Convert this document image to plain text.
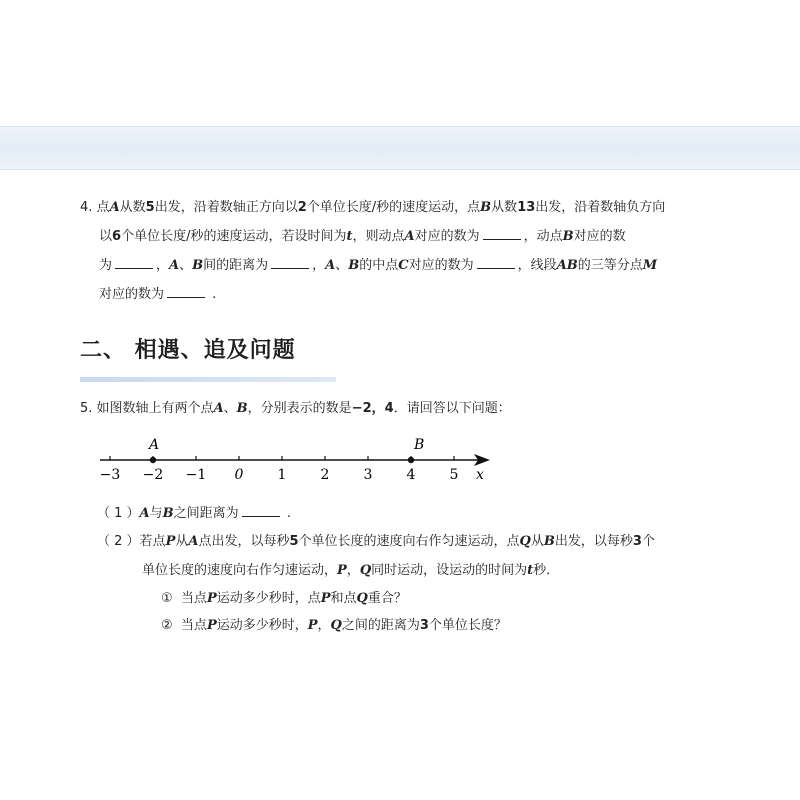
4. 点A从数5出发，沿着数轴正方向以2个单位长度/秒的速度运动，点B从数13出发，沿着数轴负方向
以6个单位长度/秒的速度运动，若设时间为t，则动点A对应的数为	，动点B对应的数
为	，A、B间的距离为	，A、B的中点C对应的数为	，线段AB的三等分点M
对应的数为	.
二、 相遇、追及问题
5. 如图数轴上有两个点A、B，分别表示的数是−2，4．请回答以下问题：
−3 −2 −1 0 1 2 3 4 5
A	B
x
（ 1 ）A与B之间距离为	.
（ 2 ）若点P从A点出发，以每秒5个单位长度的速度向右作匀速运动，点Q从B出发，以每秒3个
单位长度的速度向右作匀速运动，P，Q同时运动，设运动的时间为t秒．
① 当点P运动多少秒时，点P和点Q重合？
② 当点P运动多少秒时，P，Q之间的距离为3个单位长度？
